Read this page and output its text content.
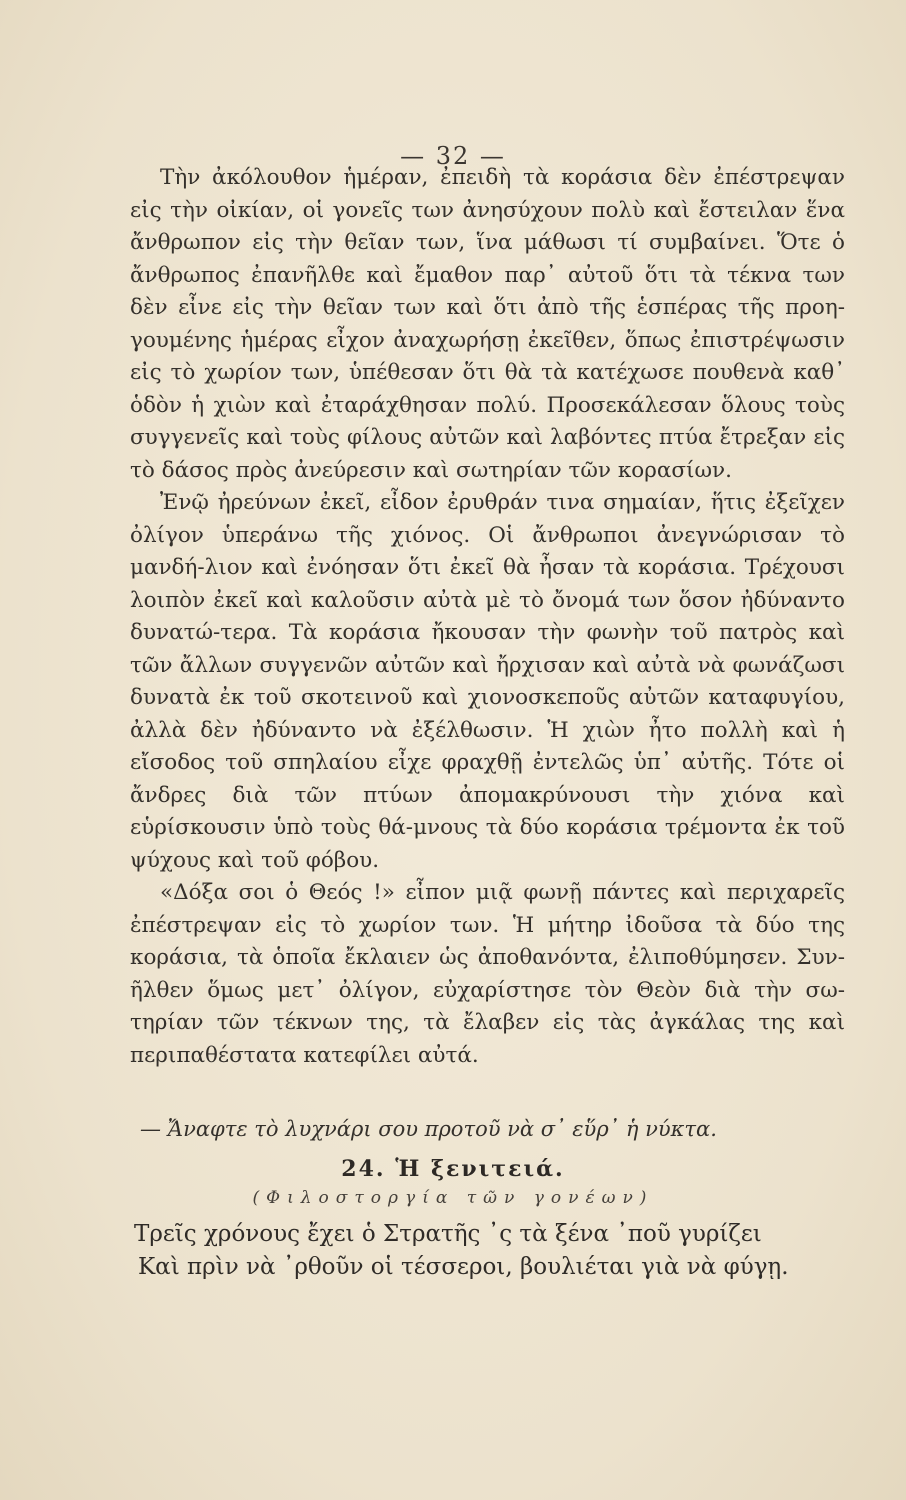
— 32 —

Τὴν ἀκόλουθον ἡμέραν, ἐπειδὴ τὰ κοράσια δὲν ἐπέστρεψαν εἰς τὴν οἰκίαν, οἱ γονεῖς των ἀνησύχουν πολὺ καὶ ἔστειλαν ἕνα ἄνθρωπον εἰς τὴν θεῖαν των, ἵνα μάθωσι τί συμβαίνει. Ὅτε ὁ ἄνθρωπος ἐπανῆλθε καὶ ἔμαθον παρ᾽ αὐτοῦ ὅτι τὰ τέκνα των δὲν εἶνε εἰς τὴν θεῖαν των καὶ ὅτι ἀπὸ τῆς ἑσπέρας τῆς προη-γουμένης ἡμέρας εἶχον ἀναχωρήσῃ ἐκεῖθεν, ὅπως ἐπιστρέψωσιν εἰς τὸ χωρίον των, ὑπέθεσαν ὅτι θὰ τὰ κατέχωσε πουθενὰ καθ᾽ ὁδὸν ἡ χιὼν καὶ ἐταράχθησαν πολύ. Προσεκάλεσαν ὅλους τοὺς συγγενεῖς καὶ τοὺς φίλους αὐτῶν καὶ λαβόντες πτύα ἔτρεξαν εἰς τὸ δάσος πρὸς ἀνεύρεσιν καὶ σωτηρίαν τῶν κορασίων.

Ἐνῷ ἠρεύνων ἐκεῖ, εἶδον ἐρυθράν τινα σημαίαν, ἥτις ἐξεῖχεν ὀλίγον ὑπεράνω τῆς χιόνος. Οἱ ἄνθρωποι ἀνεγνώρισαν τὸ μανδή-λιον καὶ ἐνόησαν ὅτι ἐκεῖ θὰ ἦσαν τὰ κοράσια. Τρέχουσι λοιπὸν ἐκεῖ καὶ καλοῦσιν αὐτὰ μὲ τὸ ὄνομά των ὅσον ἠδύναντο δυνατώ-τερα. Τὰ κοράσια ἤκουσαν τὴν φωνὴν τοῦ πατρὸς καὶ τῶν ἄλλων συγγενῶν αὐτῶν καὶ ἤρχισαν καὶ αὐτὰ νὰ φωνάζωσι δυνατὰ ἐκ τοῦ σκοτεινοῦ καὶ χιονοσκεποῦς αὐτῶν καταφυγίου, ἀλλὰ δὲν ἠδύναντο νὰ ἐξέλθωσιν. Ἡ χιὼν ἦτο πολλὴ καὶ ἡ εἴσοδος τοῦ σπηλαίου εἶχε φραχθῇ ἐντελῶς ὑπ᾽ αὐτῆς. Τότε οἱ ἄνδρες διὰ τῶν πτύων ἀπομακρύνουσι τὴν χιόνα καὶ εὑρίσκουσιν ὑπὸ τοὺς θά-μνους τὰ δύο κοράσια τρέμοντα ἐκ τοῦ ψύχους καὶ τοῦ φόβου.

«Δόξα σοι ὁ Θεός !» εἶπον μιᾷ φωνῇ πάντες καὶ περιχαρεῖς ἐπέστρεψαν εἰς τὸ χωρίον των. Ἡ μήτηρ ἰδοῦσα τὰ δύο της κοράσια, τὰ ὁποῖα ἔκλαιεν ὡς ἀποθανόντα, ἐλιποθύμησεν. Συν-ῆλθεν ὅμως μετ᾽ ὀλίγον, εὐχαρίστησε τὸν Θεὸν διὰ τὴν σω-τηρίαν τῶν τέκνων της, τὰ ἔλαβεν εἰς τὰς ἀγκάλας της καὶ περιπαθέστατα κατεφίλει αὐτά.

— Ἄναφτε τὸ λυχνάρι σου προτοῦ νὰ σ᾽ εὕρ᾽ ἡ νύκτα.
24. Ἡ ξενιτειά.
(Φιλοστοργία τῶν γονέων)
Τρεῖς χρόνους ἔχει ὁ Στρατῆς ᾽ς τὰ ξένα ᾽ποῦ γυρίζει
Καὶ πρὶν νὰ ᾽ρθοῦν οἱ τέσσεροι, βουλιέται γιὰ νὰ φύγῃ.
